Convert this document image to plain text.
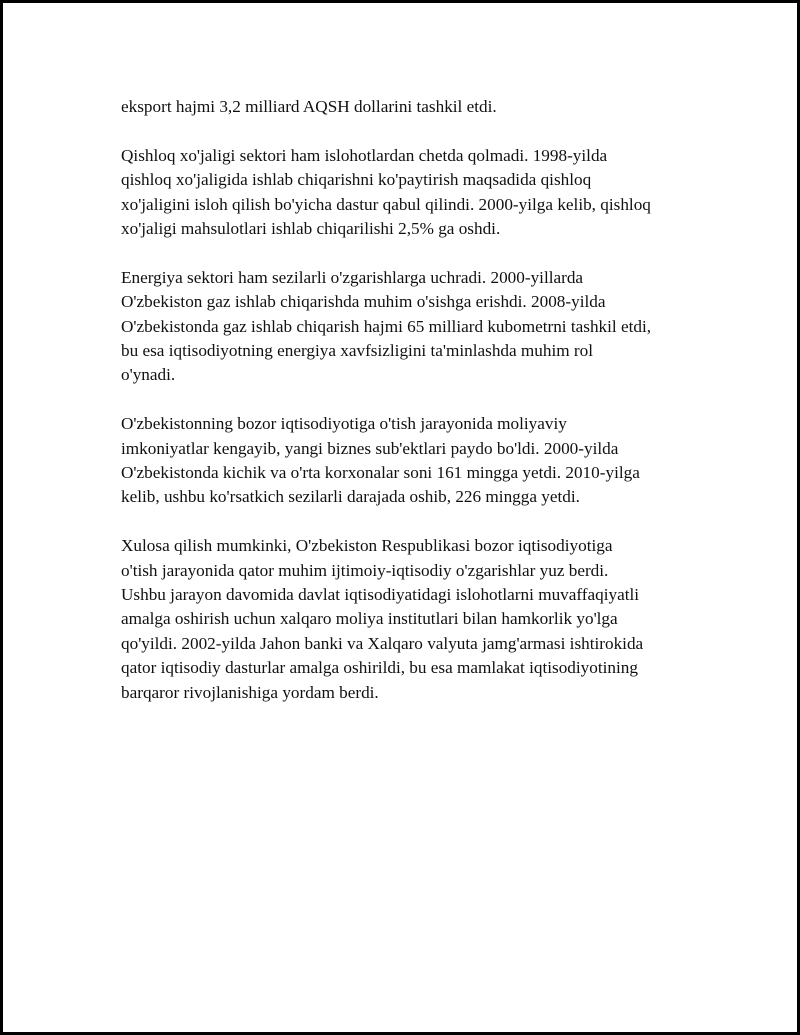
eksport hajmi 3,2 milliard AQSH dollarini tashkil etdi.

Qishloq xo'jaligi sektori ham islohotlardan chetda qolmadi. 1998-yilda
qishloq xo'jaligida ishlab chiqarishni ko'paytirish maqsadida qishloq
xo'jaligini isloh qilish bo'yicha dastur qabul qilindi. 2000-yilga kelib, qishloq
xo'jaligi mahsulotlari ishlab chiqarilishi 2,5% ga oshdi.

Energiya sektori ham sezilarli o'zgarishlarga uchradi. 2000-yillarda
O'zbekiston gaz ishlab chiqarishda muhim o'sishga erishdi. 2008-yilda
O'zbekistonda gaz ishlab chiqarish hajmi 65 milliard kubometrni tashkil etdi,
bu esa iqtisodiyotning energiya xavfsizligini ta'minlashda muhim rol
o'ynadi.

O'zbekistonning bozor iqtisodiyotiga o'tish jarayonida moliyaviy
imkoniyatlar kengayib, yangi biznes sub'ektlari paydo bo'ldi. 2000-yilda
O'zbekistonda kichik va o'rta korxonalar soni 161 mingga yetdi. 2010-yilga
kelib, ushbu ko'rsatkich sezilarli darajada oshib, 226 mingga yetdi.

Xulosa qilish mumkinki, O'zbekiston Respublikasi bozor iqtisodiyotiga
o'tish jarayonida qator muhim ijtimoiy-iqtisodiy o'zgarishlar yuz berdi.
Ushbu jarayon davomida davlat iqtisodiyatidagi islohotlarni muvaffaqiyatli
amalga oshirish uchun xalqaro moliya institutlari bilan hamkorlik yo'lga
qo'yildi. 2002-yilda Jahon banki va Xalqaro valyuta jamg'armasi ishtirokida
qator iqtisodiy dasturlar amalga oshirildi, bu esa mamlakat iqtisodiyotining
barqaror rivojlanishiga yordam berdi.
